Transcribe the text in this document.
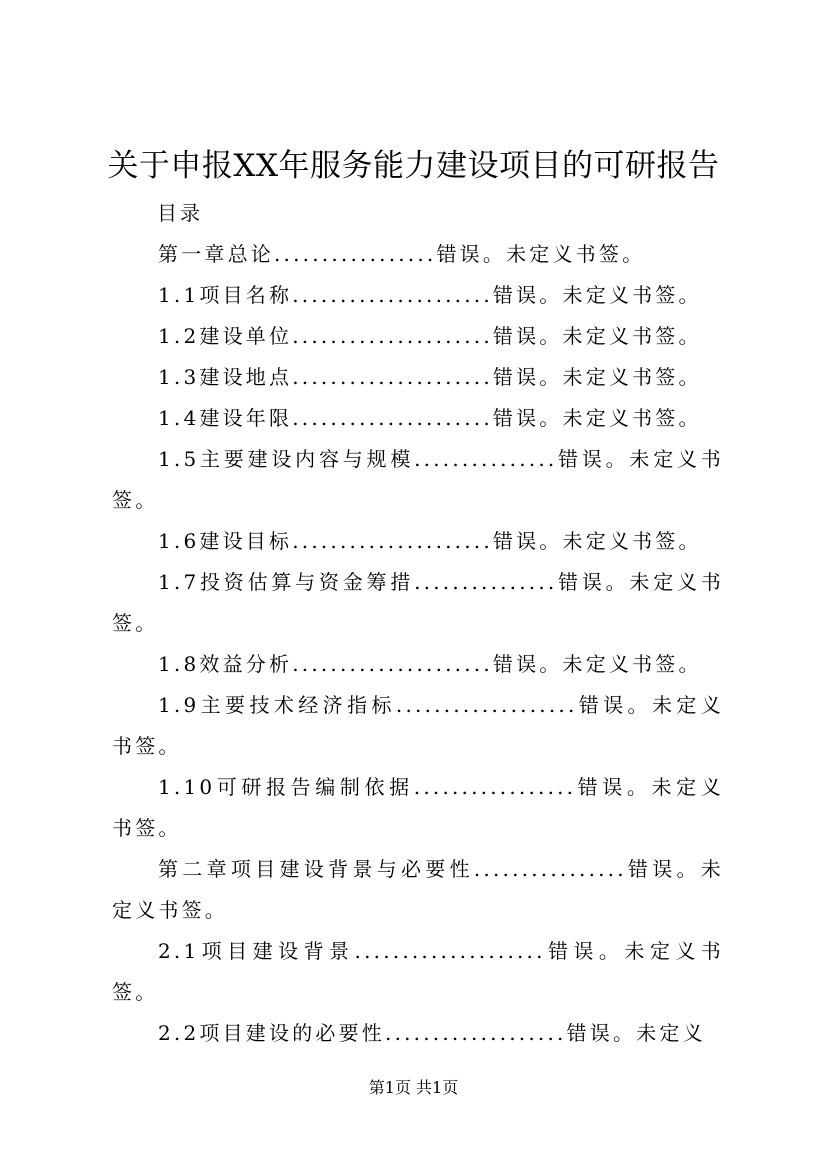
关于申报XX年服务能力建设项目的可研报告
目录

第一章总论.................错误。未定义书签。

1.1项目名称.....................错误。未定义书签。

1.2建设单位.....................错误。未定义书签。

1.3建设地点.....................错误。未定义书签。

1.4建设年限.....................错误。未定义书签。

1.5主要建设内容与规模...............错误。未定义书签。

1.6建设目标.....................错误。未定义书签。

1.7投资估算与资金筹措...............错误。未定义书签。

1.8效益分析.....................错误。未定义书签。

1.9主要技术经济指标...................错误。未定义书签。

1.10可研报告编制依据.................错误。未定义书签。

第二章项目建设背景与必要性................错误。未定义书签。

2.1项目建设背景....................错误。未定义书签。

2.2项目建设的必要性...................错误。未定义

第1页 共1页
